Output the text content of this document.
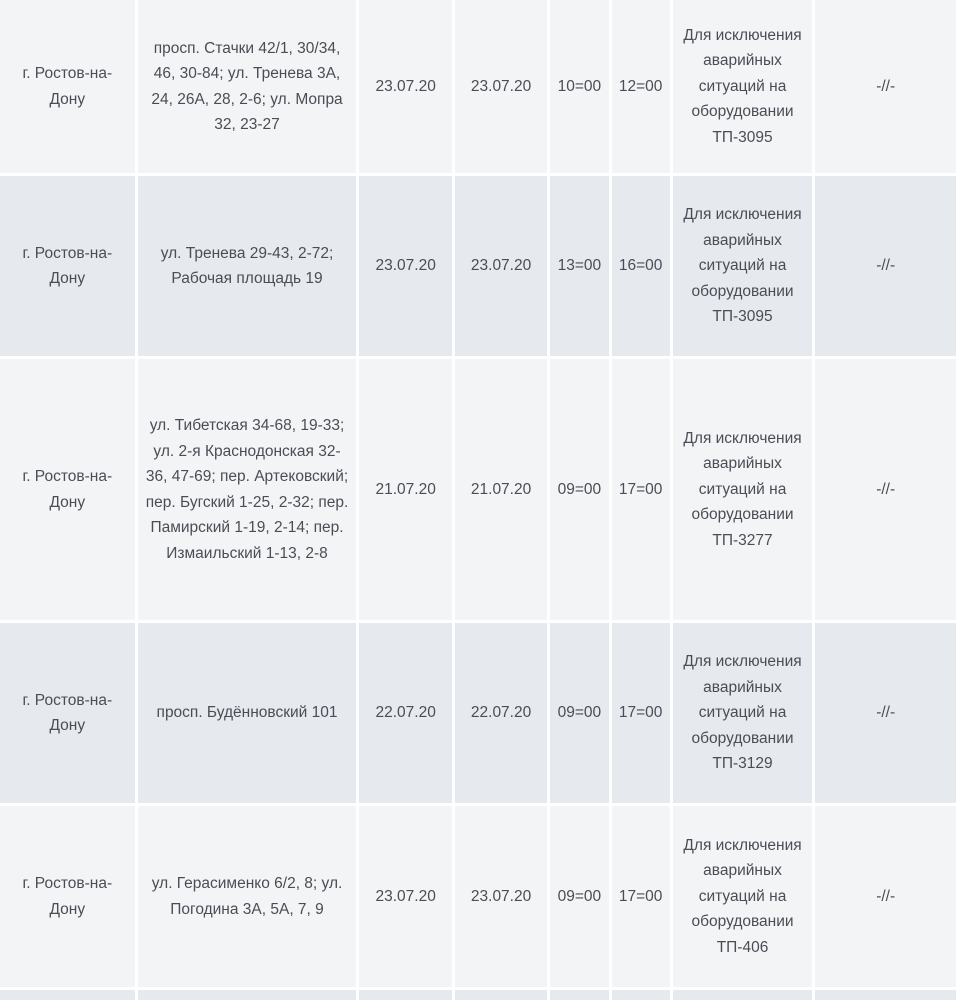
г. Ростов-на-Дону	просп. Стачки 42/1, 30/34, 46, 30-84; ул. Тренева 3А, 24, 26А, 28, 2-6; ул. Мопра 32, 23-27	23.07.20	23.07.20	10=00	12=00	Для исключения аварийных ситуаций на оборудовании ТП-3095	-//-
г. Ростов-на-Дону	ул. Тренева 29-43, 2-72; Рабочая площадь 19	23.07.20	23.07.20	13=00	16=00	Для исключения аварийных ситуаций на оборудовании ТП-3095	-//-
г. Ростов-на-Дону	ул. Тибетская 34-68, 19-33; ул. 2-я Краснодонская 32-36, 47-69; пер. Артековский; пер. Бугский 1-25, 2-32; пер. Памирский 1-19, 2-14; пер. Измаильский 1-13, 2-8	21.07.20	21.07.20	09=00	17=00	Для исключения аварийных ситуаций на оборудовании ТП-3277	-//-
г. Ростов-на-Дону	просп. Будённовский 101	22.07.20	22.07.20	09=00	17=00	Для исключения аварийных ситуаций на оборудовании ТП-3129	-//-
г. Ростов-на-Дону	ул. Герасименко 6/2, 8; ул. Погодина 3А, 5А, 7, 9	23.07.20	23.07.20	09=00	17=00	Для исключения аварийных ситуаций на оборудовании ТП-406	-//-
